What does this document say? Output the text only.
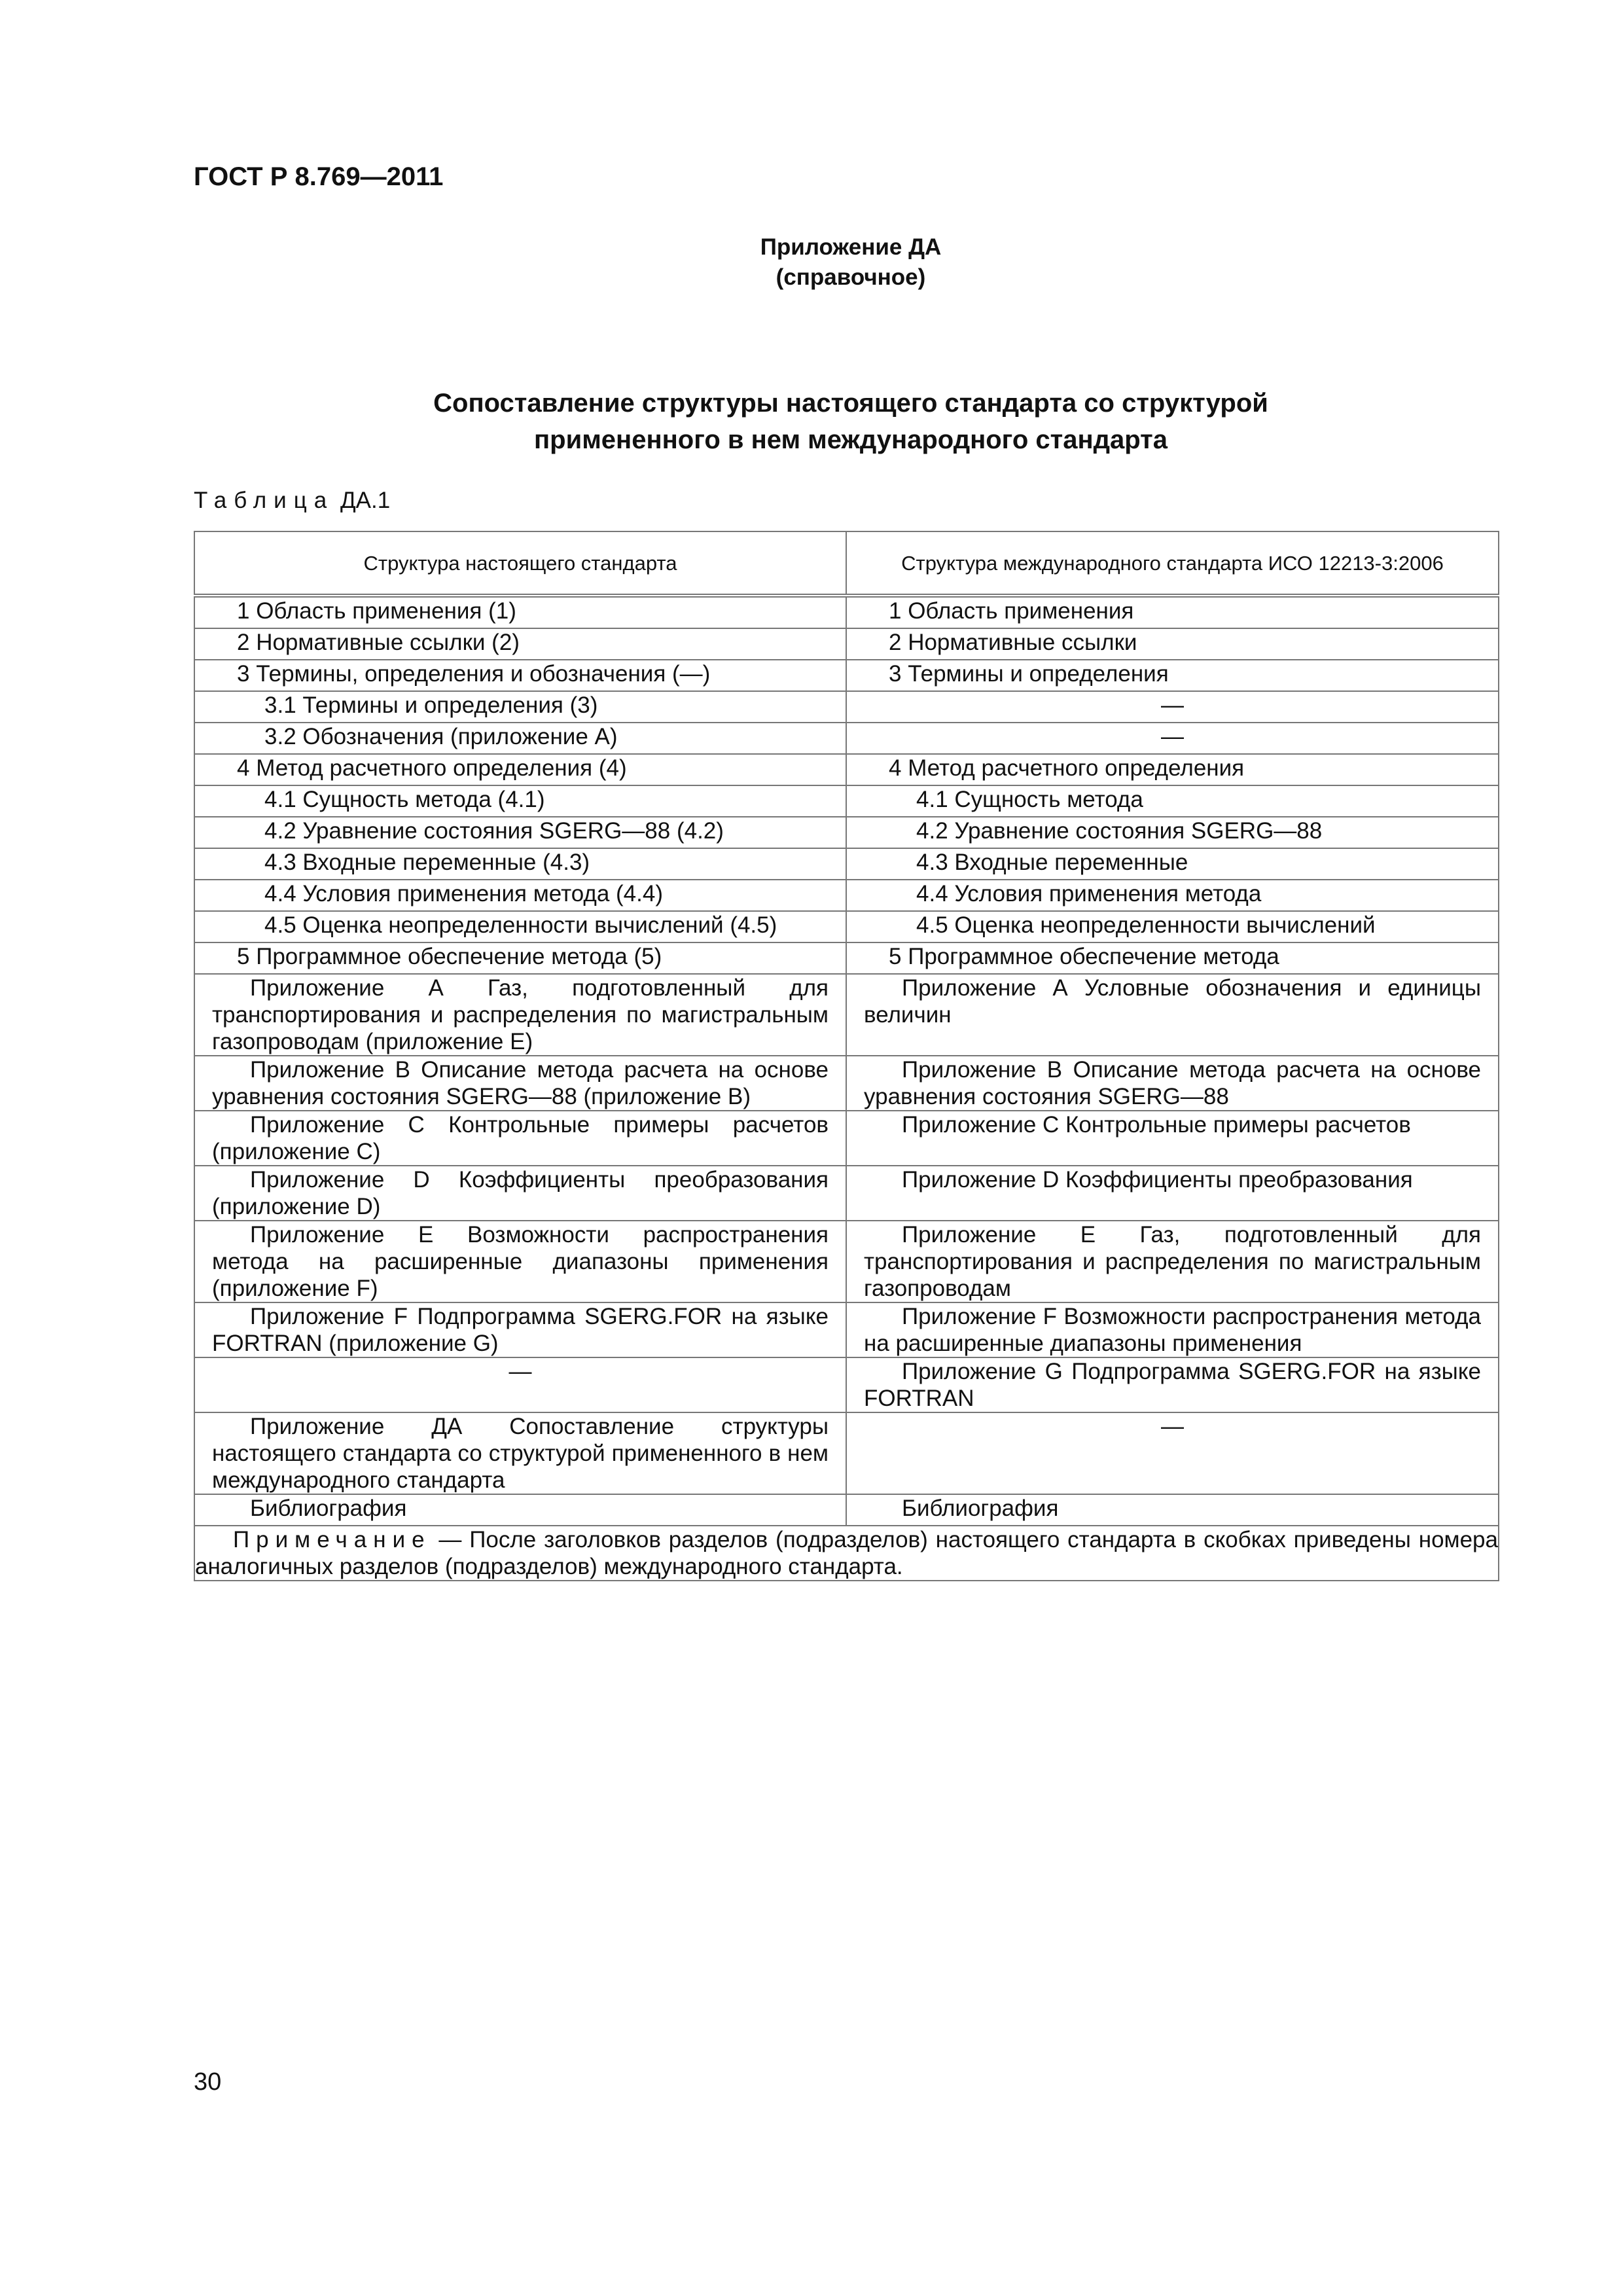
ГОСТ Р 8.769—2011
Приложение ДА
(справочное)
Сопоставление структуры настоящего стандарта со структурой
примененного в нем международного стандарта
Таблица ДА.1
Структура настоящего стандарта	Структура международного стандарта ИСО 12213-3:2006

1 Область применения (1)	1 Область применения

2 Нормативные ссылки (2)	2 Нормативные ссылки

3 Термины, определения и обозначения (—)	3 Термины и определения

3.1 Термины и определения (3)	—

3.2 Обозначения (приложение А)	—

4 Метод расчетного определения (4)	4 Метод расчетного определения

4.1 Сущность метода (4.1)	4.1 Сущность метода

4.2 Уравнение состояния SGERG—88 (4.2)	4.2 Уравнение состояния SGERG—88

4.3 Входные переменные (4.3)	4.3 Входные переменные

4.4 Условия применения метода (4.4)	4.4 Условия применения метода

4.5 Оценка неопределенности вычислений (4.5)	4.5 Оценка неопределенности вычислений

5 Программное обеспечение метода (5)	5 Программное обеспечение метода

Приложение А Газ, подготовленный для транспортирования и распределения по магистральным газопроводам (приложение Е)	Приложение А Условные обозначения и единицы величин
Приложение В Описание метода расчета на основе уравнения состояния SGERG—88 (приложение В)	Приложение В Описание метода расчета на основе уравнения состояния SGERG—88
Приложение С Контрольные примеры расчетов (приложение С)	Приложение С Контрольные примеры расчетов
Приложение D Коэффициенты преобразования (приложение D)	Приложение D Коэффициенты преобразования
Приложение Е Возможности распространения метода на расширенные диапазоны применения (приложение F)	Приложение Е Газ, подготовленный для транспортирования и распределения по магистральным газопроводам
Приложение F Подпрограмма SGERG.FOR на языке FORTRAN (приложение G)	Приложение F Возможности распространения метода на расширенные диапазоны применения
—	Приложение G Подпрограмма SGERG.FOR на языке FORTRAN
Приложение ДА Сопоставление структуры настоящего стандарта со структурой примененного в нем международного стандарта	—
Библиография	Библиография
Примечание — После заголовков разделов (подразделов) настоящего стандарта в скобках приведены номера аналогичных разделов (подразделов) международного стандарта.	
30
